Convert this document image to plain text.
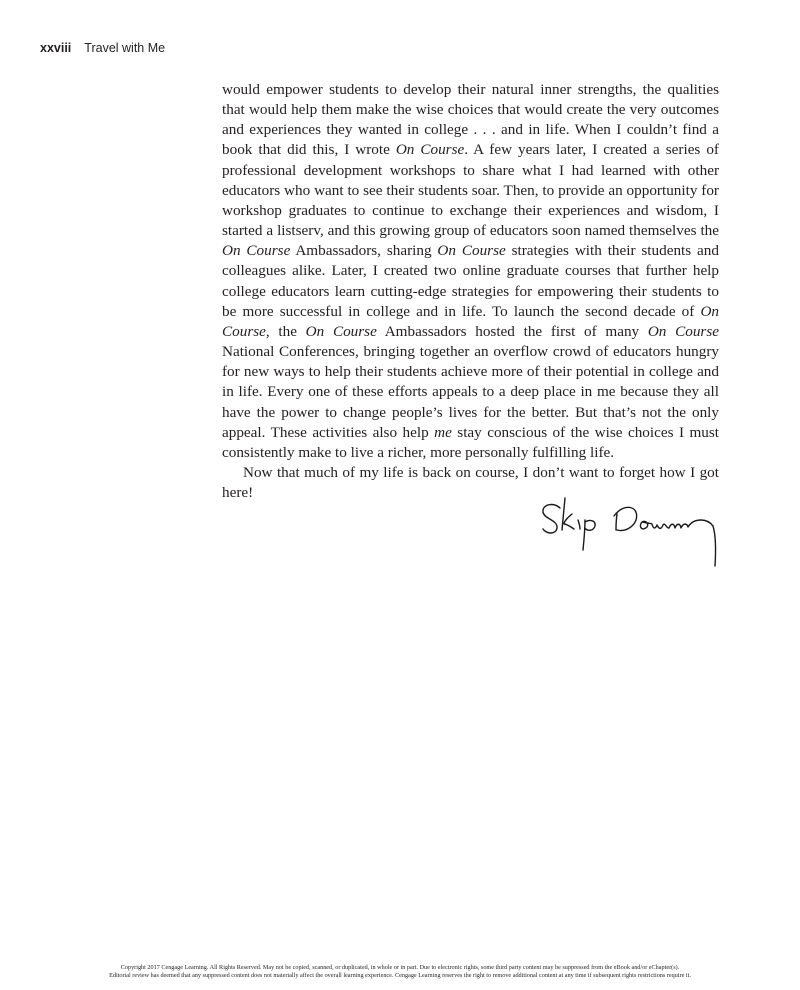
xxviii Travel with Me

would empower students to develop their natural inner strengths, the qualities that would help them make the wise choices that would create the very outcomes and experiences they wanted in college . . . and in life. When I couldn’t find a book that did this, I wrote On Course. A few years later, I created a series of professional development workshops to share what I had learned with other educators who want to see their students soar. Then, to provide an opportunity for workshop graduates to continue to exchange their experiences and wisdom, I started a listserv, and this growing group of educators soon named themselves the On Course Ambassadors, sharing On Course strategies with their students and colleagues alike. Later, I created two online graduate courses that further help college educators learn cutting-edge strategies for empowering their students to be more successful in college and in life. To launch the second decade of On Course, the On Course Ambassadors hosted the first of many On Course National Conferences, bringing together an overflow crowd of educators hungry for new ways to help their students achieve more of their potential in college and in life. Every one of these efforts appeals to a deep place in me because they all have the power to change people’s lives for the better. But that’s not the only appeal. These activities also help me stay conscious of the wise choices I must consistently make to live a richer, more personally fulfilling life.

Now that much of my life is back on course, I don’t want to forget how I got here!

Copyright 2017 Cengage Learning. All Rights Reserved. May not be copied, scanned, or duplicated, in whole or in part. Due to electronic rights, some third party content may be suppressed from the eBook and/or eChapter(s).
Editorial review has deemed that any suppressed content does not materially affect the overall learning experience. Cengage Learning reserves the right to remove additional content at any time if subsequent rights restrictions require it.
